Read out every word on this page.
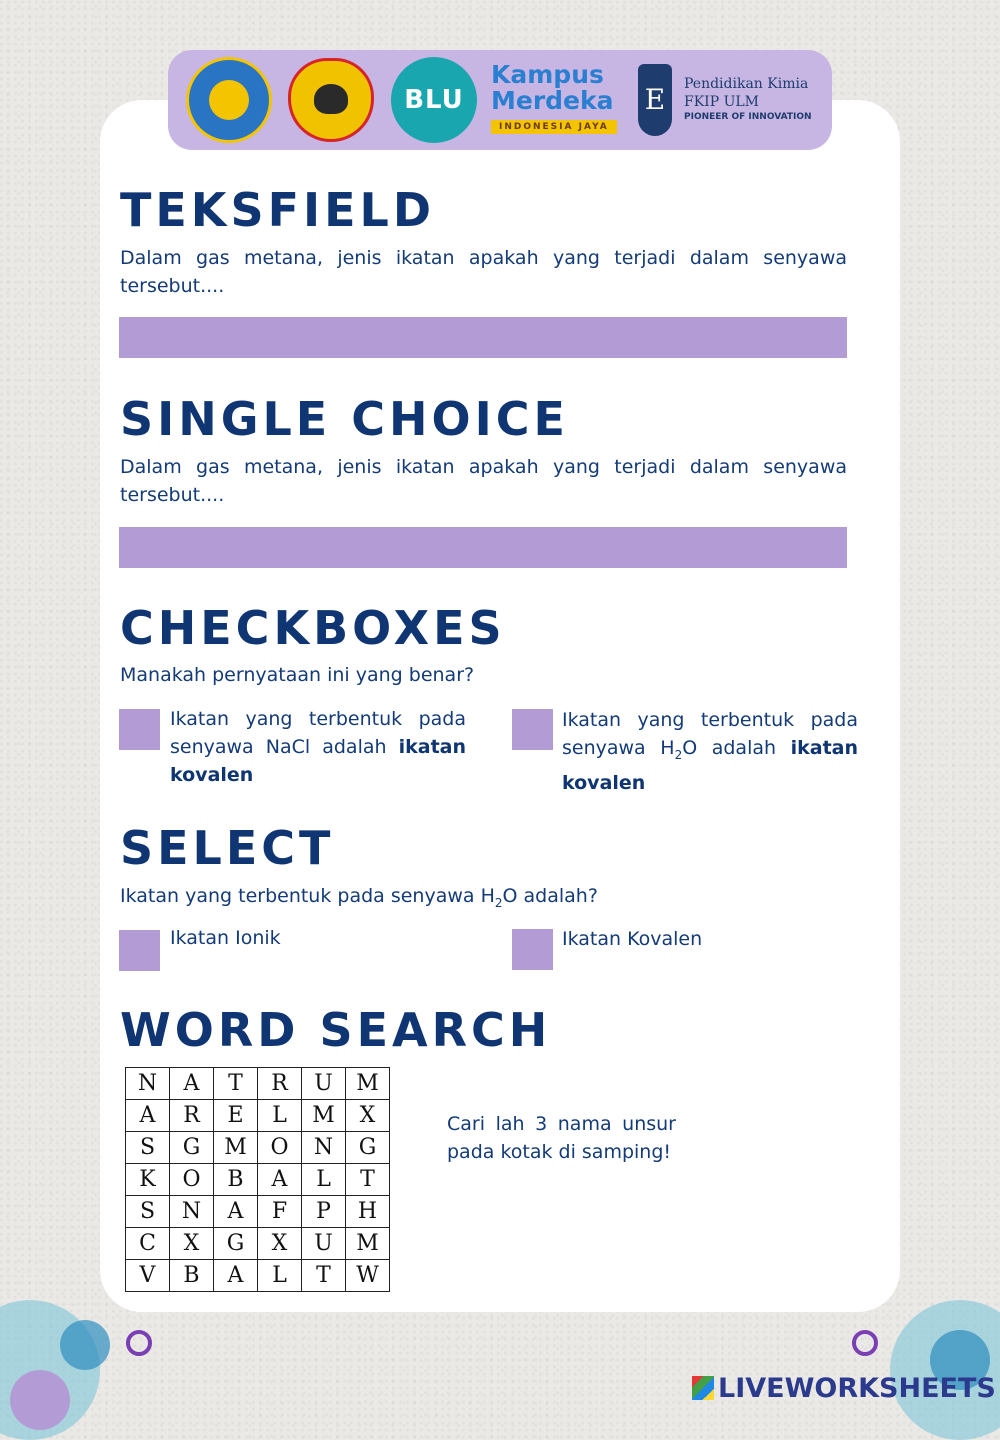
BLU
Kampus
Merdeka
INDONESIA JAYA
E	Pendidikan Kimia
FKIP ULM
PIONEER OF INNOVATION
TEKSFIELD

Dalam gas metana, jenis ikatan apakah yang terjadi dalam senyawa tersebut....

SINGLE CHOICE

Dalam gas metana, jenis ikatan apakah yang terjadi dalam senyawa tersebut....

CHECKBOXES
Manakah pernyataan ini yang benar?
Ikatan yang terbentuk pada senyawa NaCl adalah ikatan kovalen
Ikatan yang terbentuk pada senyawa $H_2O$ adalah ikatan kovalen
SELECT
Ikatan yang terbentuk pada senyawa $H_2O$ adalah?
Ikatan Ionik	Ikatan Kovalen
WORD SEARCH
N	A	T	R	U	M
A	R	E	L	M	X
S	G	M	O	N	G
K	O	B	A	L	T
S	N	A	F	P	H
C	X	G	X	U	M
V	B	A	L	T	W
Cari lah 3 nama unsur pada kotak di samping!
LIVEWORKSHEETS
